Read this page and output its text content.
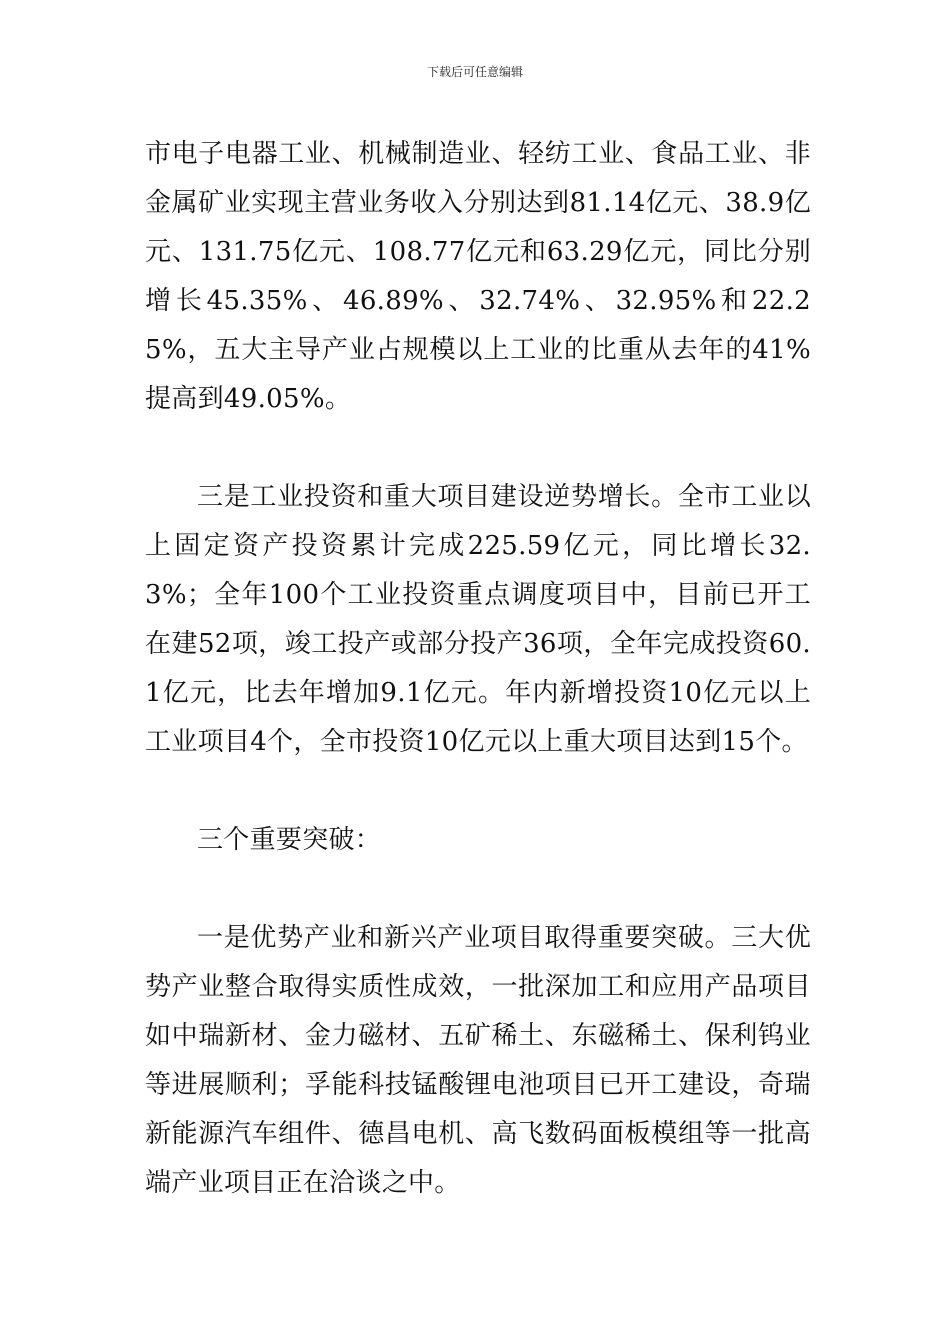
下载后可任意编辑

市电子电器工业、机械制造业、轻纺工业、食品工业、非金属矿业实现主营业务收入分别达到81.14亿元、38.9亿元、131.75亿元、108.77亿元和63.29亿元，同比分别增长45.35%、46.89%、32.74%、32.95%和22.25%，五大主导产业占规模以上工业的比重从去年的41%提高到49.05%。

三是工业投资和重大项目建设逆势增长。全市工业以上固定资产投资累计完成225.59亿元，同比增长32.3%；全年100个工业投资重点调度项目中，目前已开工在建52项，竣工投产或部分投产36项，全年完成投资60.1亿元，比去年增加9.1亿元。年内新增投资10亿元以上工业项目4个，全市投资10亿元以上重大项目达到15个。

三个重要突破：

一是优势产业和新兴产业项目取得重要突破。三大优势产业整合取得实质性成效，一批深加工和应用产品项目如中瑞新材、金力磁材、五矿稀土、东磁稀土、保利钨业等进展顺利；孚能科技锰酸锂电池项目已开工建设，奇瑞新能源汽车组件、德昌电机、高飞数码面板模组等一批高端产业项目正在洽谈之中。
